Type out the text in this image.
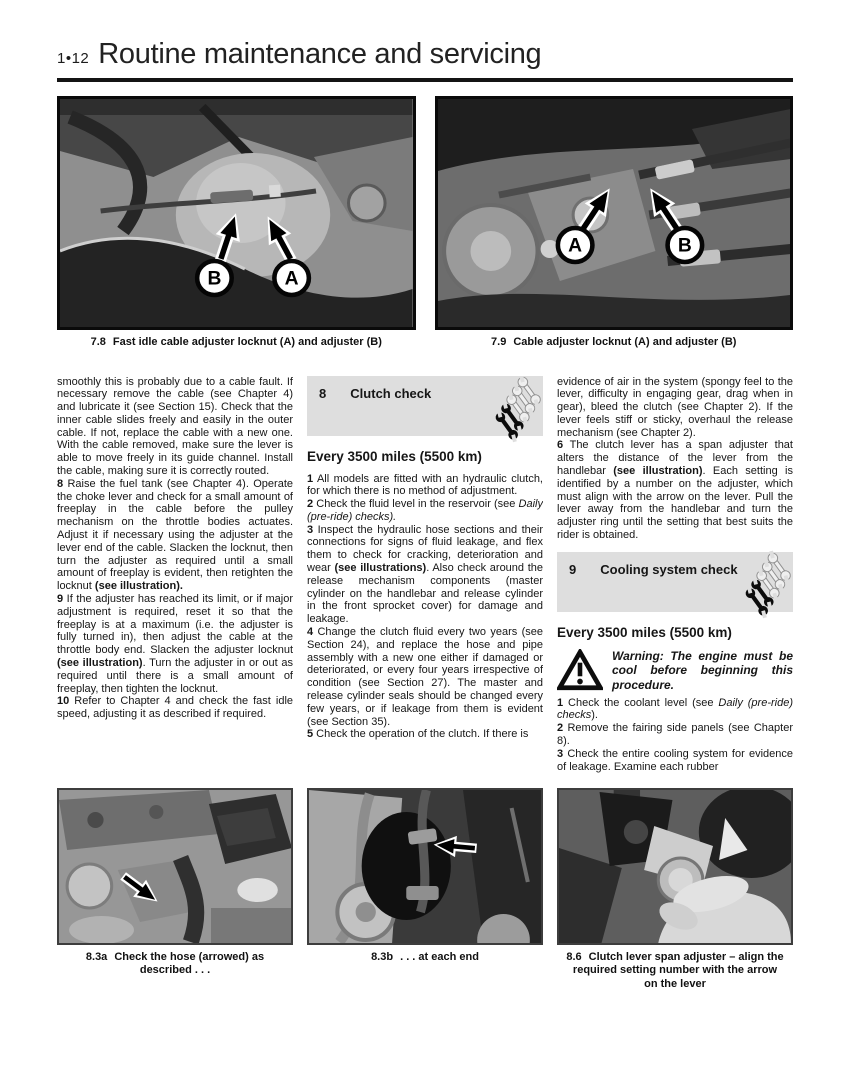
1•12 Routine maintenance and servicing
B	A
7.8 Fast idle cable adjuster locknut (A) and adjuster (B)
A	B
7.9 Cable adjuster locknut (A) and adjuster (B)

smoothly this is probably due to a cable fault. If necessary remove the cable (see Chapter 4) and lubricate it (see Section 15). Check that the inner cable slides freely and easily in the outer cable. If not, replace the cable with a new one. With the cable removed, make sure the lever is able to move freely in its guide channel. Install the cable, making sure it is correctly routed.

8 Raise the fuel tank (see Chapter 4). Operate the choke lever and check for a small amount of freeplay in the cable before the pulley mechanism on the throttle bodies actuates. Adjust it if necessary using the adjuster at the lever end of the cable. Slacken the locknut, then turn the adjuster as required until a small amount of freeplay is evident, then retighten the locknut (see illustration).

9 If the adjuster has reached its limit, or if major adjustment is required, reset it so that the freeplay is at a maximum (i.e. the adjuster is fully turned in), then adjust the cable at the throttle body end. Slacken the adjuster locknut (see illustration). Turn the adjuster in or out as required until there is a small amount of freeplay, then tighten the locknut.

10 Refer to Chapter 4 and check the fast idle speed, adjusting it as described if required.

8 Clutch check
Every 3500 miles (5500 km)

1 All models are fitted with an hydraulic clutch, for which there is no method of adjustment.

2 Check the fluid level in the reservoir (see Daily (pre-ride) checks).

3 Inspect the hydraulic hose sections and their connections for signs of fluid leakage, and flex them to check for cracking, deterioration and wear (see illustrations). Also check around the release mechanism components (master cylinder on the handlebar and release cylinder in the front sprocket cover) for damage and leakage.

4 Change the clutch fluid every two years (see Section 24), and replace the hose and pipe assembly with a new one either if damaged or deteriorated, or every four years irrespective of condition (see Section 27). The master and release cylinder seals should be changed every few years, or if leakage from them is evident (see Section 35).

5 Check the operation of the clutch. If there is

evidence of air in the system (spongy feel to the lever, difficulty in engaging gear, drag when in gear), bleed the clutch (see Chapter 2). If the lever feels stiff or sticky, overhaul the release mechanism (see Chapter 2).

6 The clutch lever has a span adjuster that alters the distance of the lever from the handlebar (see illustration). Each setting is identified by a number on the adjuster, which must align with the arrow on the lever. Pull the lever away from the handlebar and turn the adjuster ring until the setting that best suits the rider is obtained.

9 Cooling system check
Every 3500 miles (5500 km)
Warning: The engine must be cool before beginning this procedure.

1 Check the coolant level (see Daily (pre-ride) checks).

2 Remove the fairing side panels (see Chapter 8).

3 Check the entire cooling system for evidence of leakage. Examine each rubber

8.3a Check the hose (arrowed) as described . . .
8.3b . . . at each end	8.6 Clutch lever span adjuster – align the required setting number with the arrow on the lever
